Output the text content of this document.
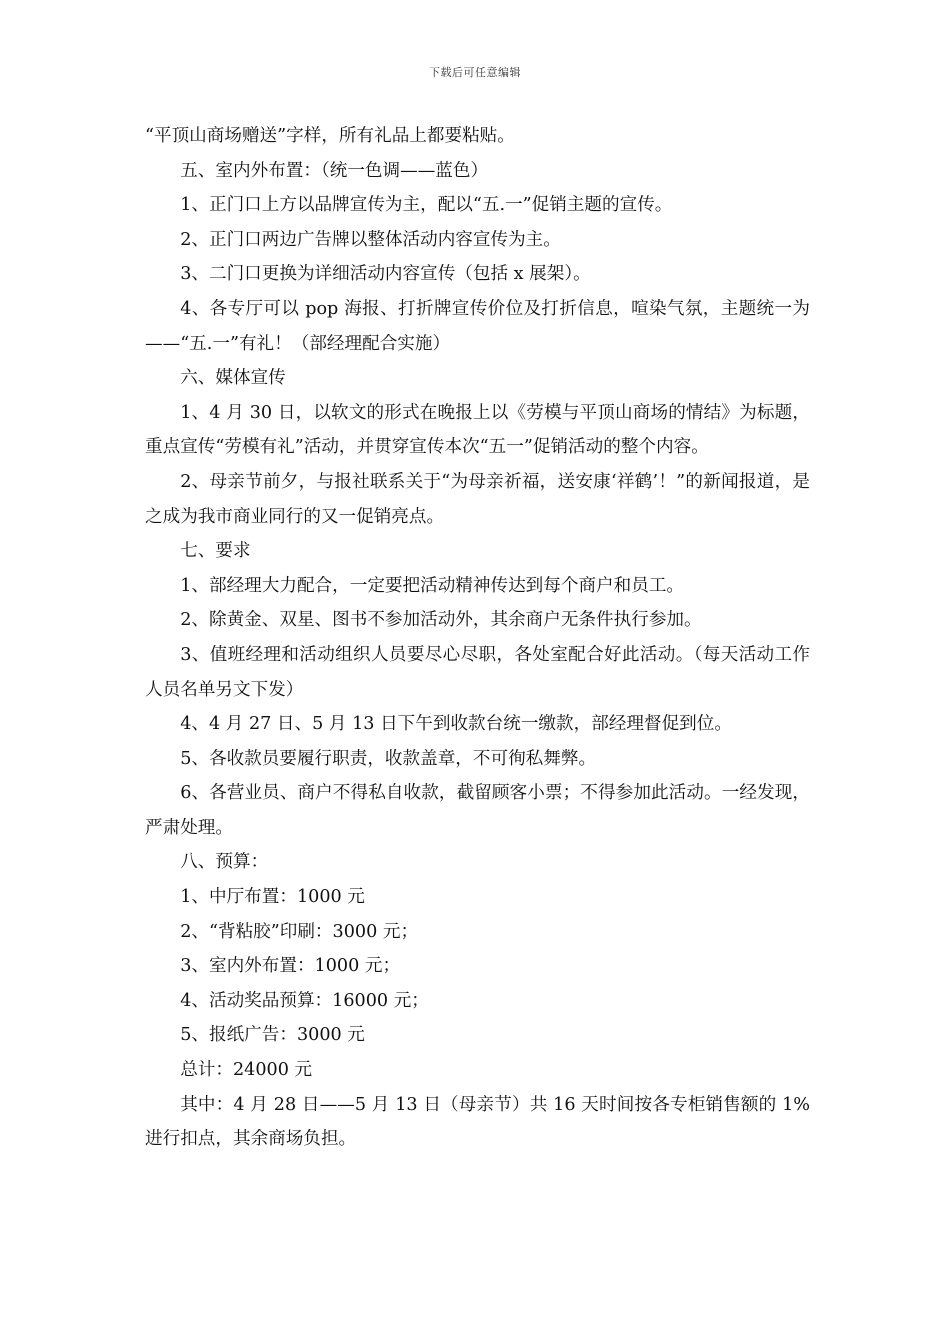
下载后可任意编辑

“平顶山商场赠送”字样，所有礼品上都要粘贴。

五、室内外布置：（统一色调——蓝色）

1、正门口上方以品牌宣传为主，配以“五.一”促销主题的宣传。

2、正门口两边广告牌以整体活动内容宣传为主。

3、二门口更换为详细活动内容宣传（包括 x 展架）。

4、各专厅可以 pop 海报、打折牌宣传价位及打折信息，喧染气氛，主题统一为——“五.一”有礼！（部经理配合实施）

六、媒体宣传

1、4 月 30 日，以软文的形式在晚报上以《劳模与平顶山商场的情结》为标题，重点宣传“劳模有礼”活动，并贯穿宣传本次“五一”促销活动的整个内容。

2、母亲节前夕，与报社联系关于“为母亲祈福，送安康‘祥鹤’！”的新闻报道，是之成为我市商业同行的又一促销亮点。

七、要求

1、部经理大力配合，一定要把活动精神传达到每个商户和员工。

2、除黄金、双星、图书不参加活动外，其余商户无条件执行参加。

3、值班经理和活动组织人员要尽心尽职，各处室配合好此活动。（每天活动工作人员名单另文下发）

4、4 月 27 日、5 月 13 日下午到收款台统一缴款，部经理督促到位。

5、各收款员要履行职责，收款盖章，不可徇私舞弊。

6、各营业员、商户不得私自收款，截留顾客小票；不得参加此活动。一经发现，严肃处理。

八、预算：

1、中厅布置：1000 元

2、“背粘胶”印刷：3000 元；

3、室内外布置：1000 元；

4、活动奖品预算：16000 元；

5、报纸广告：3000 元

总计：24000 元

其中：4 月 28 日——5 月 13 日（母亲节）共 16 天时间按各专柜销售额的 1%进行扣点，其余商场负担。
